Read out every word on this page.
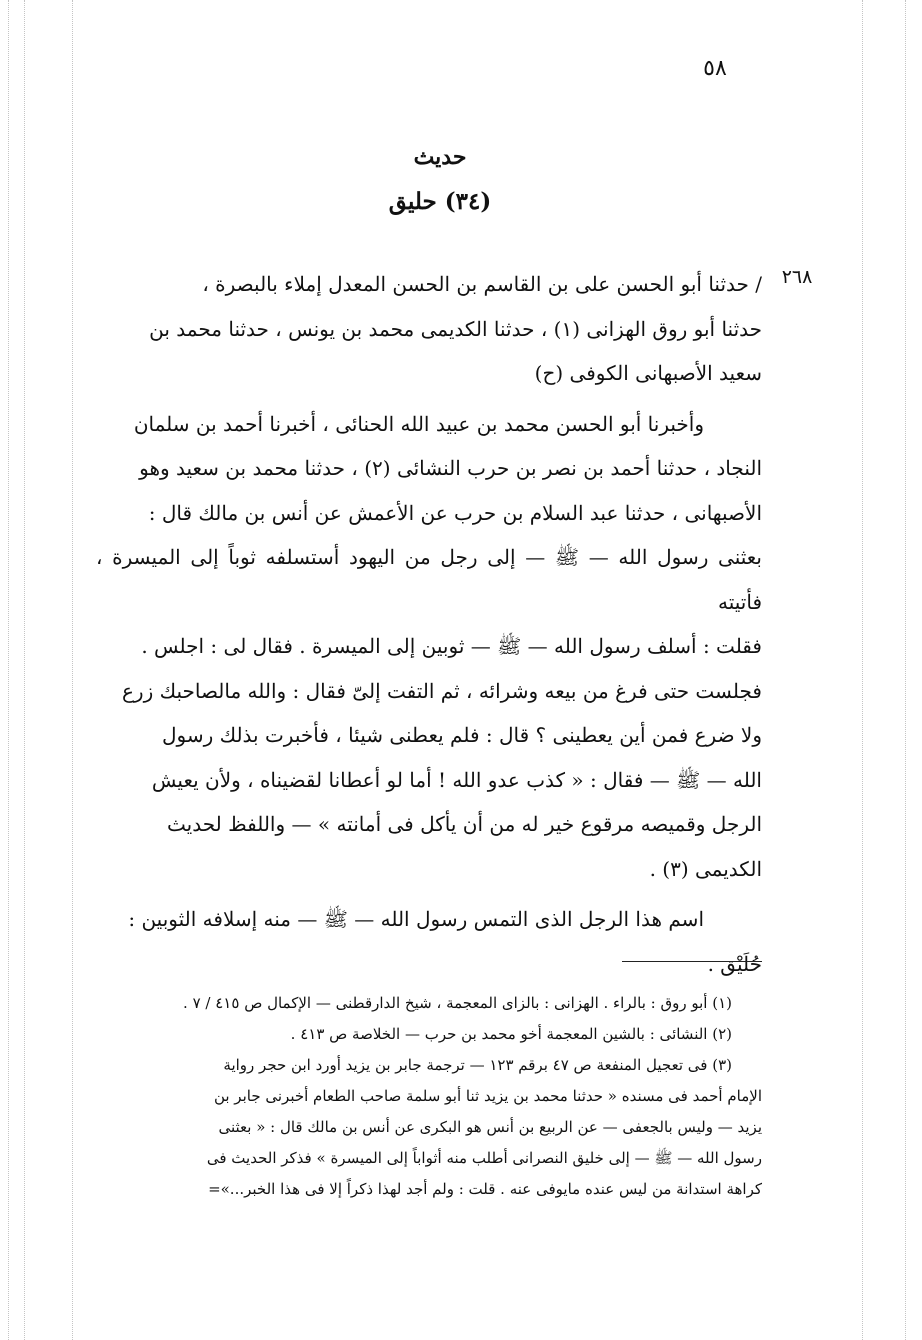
٥٨
حديث
(٣٤) حليق
٢٦٨

/ حدثنا أبو الحسن على بن القاسم بن الحسن المعدل إملاء بالبصرة ،

حدثنا أبو روق الهزانى (١) ، حدثنا الكديمى محمد بن يونس ، حدثنا محمد بن

سعيد الأصبهانى الكوفى (ح)

وأخبرنا أبو الحسن محمد بن عبيد الله الحنائى ، أخبرنا أحمد بن سلمان

النجاد ، حدثنا أحمد بن نصر بن حرب النشائى (٢) ، حدثنا محمد بن سعيد وهو

الأصبهانى ، حدثنا عبد السلام بن حرب عن الأعمش عن أنس بن مالك قال :

بعثنى رسول الله — ﷺ — إلى رجل من اليهود أستسلفه ثوباً إلى الميسرة ، فأتيته

فقلت : أسلف رسول الله — ﷺ — ثوبين إلى الميسرة . فقال لى : اجلس .

فجلست حتى فرغ من بيعه وشرائه ، ثم التفت إلىّ فقال : والله مالصاحبك زرع

ولا ضرع فمن أين يعطينى ؟ قال : فلم يعطنى شيئا ، فأخبرت بذلك رسول

الله — ﷺ — فقال : « كذب عدو الله ! أما لو أعطانا لقضيناه ، ولأن يعيش

الرجل وقميصه مرقوع خير له من أن يأكل فى أمانته » — واللفظ لحديث

الكديمى (٣) .

اسم هذا الرجل الذى التمس رسول الله — ﷺ — منه إسلافه الثوبين :

حُلَيْق .

(١) أبو روق : بالراء . الهزانى : بالزاى المعجمة ، شيخ الدارقطنى — الإكمال ص ٤١٥ / ٧ .

(٢) النشائى : بالشين المعجمة أخو محمد بن حرب — الخلاصة ص ٤١٣ .

(٣) فى تعجيل المنفعة ص ٤٧ برقم ١٢٣ — ترجمة جابر بن يزيد أورد ابن حجر رواية

الإمام أحمد فى مسنده « حدثنا محمد بن يزيد ثنا أبو سلمة صاحب الطعام أخبرنى جابر بن

يزيد — وليس بالجعفى — عن الربيع بن أنس هو البكرى عن أنس بن مالك قال : « بعثنى

رسول الله — ﷺ — إلى خليق النصرانى أطلب منه أثواباً إلى الميسرة » فذكر الحديث فى

كراهة استدانة من ليس عنده مايوفى عنه . قلت : ولم أجد لهذا ذكراً إلا فى هذا الخبر...»=
